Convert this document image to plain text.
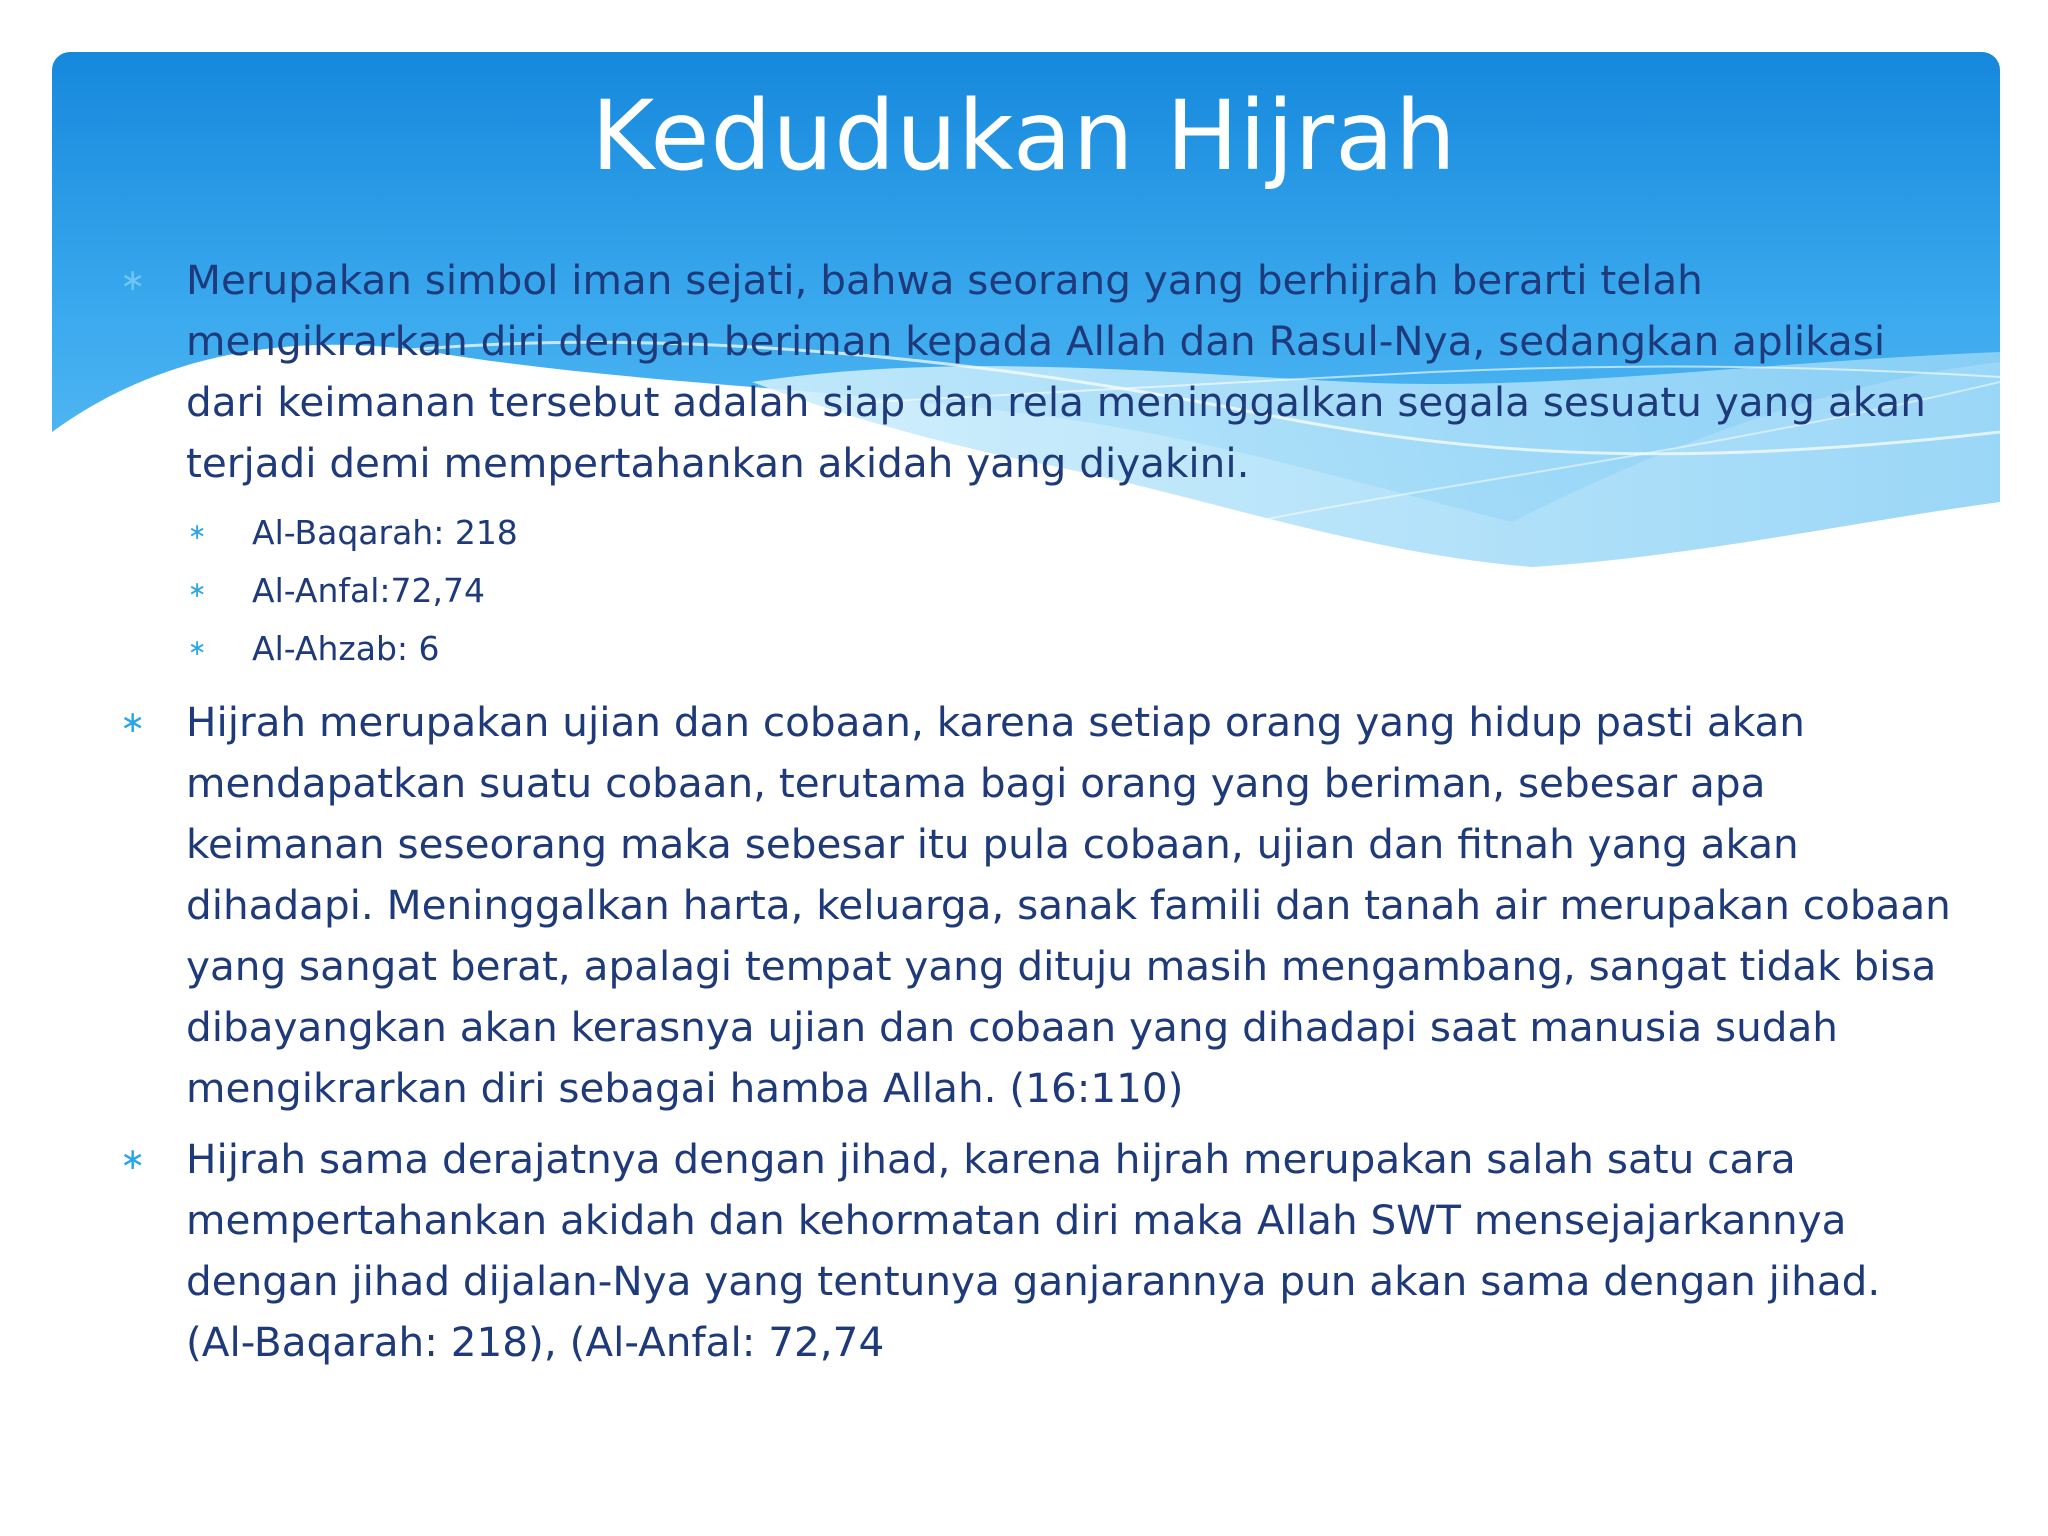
Kedudukan Hijrah
∗	Merupakan simbol iman sejati, bahwa seorang yang berhijrah berarti telah mengikrarkan diri dengan beriman kepada Allah dan Rasul-Nya, sedangkan aplikasi dari keimanan tersebut adalah siap dan rela meninggalkan segala sesuatu yang akan terjadi demi mempertahankan akidah yang diyakini.
∗ Al-Baqarah: 218
∗ Al-Anfal:72,74
∗ Al-Ahzab: 6
∗	Hijrah merupakan ujian dan cobaan, karena setiap orang yang hidup pasti akan mendapatkan suatu cobaan, terutama bagi orang yang beriman, sebesar apa keimanan seseorang maka sebesar itu pula cobaan, ujian dan fitnah yang akan dihadapi. Meninggalkan harta, keluarga, sanak famili dan tanah air merupakan cobaan yang sangat berat, apalagi tempat yang dituju masih mengambang, sangat tidak bisa dibayangkan akan kerasnya ujian dan cobaan yang dihadapi saat manusia sudah mengikrarkan diri sebagai hamba Allah. (16:110)
∗	Hijrah sama derajatnya dengan jihad, karena hijrah merupakan salah satu cara mempertahankan akidah dan kehormatan diri maka Allah SWT mensejajarkannya dengan jihad dijalan-Nya yang tentunya ganjarannya pun akan sama dengan jihad. (Al-Baqarah: 218), (Al-Anfal: 72,74
